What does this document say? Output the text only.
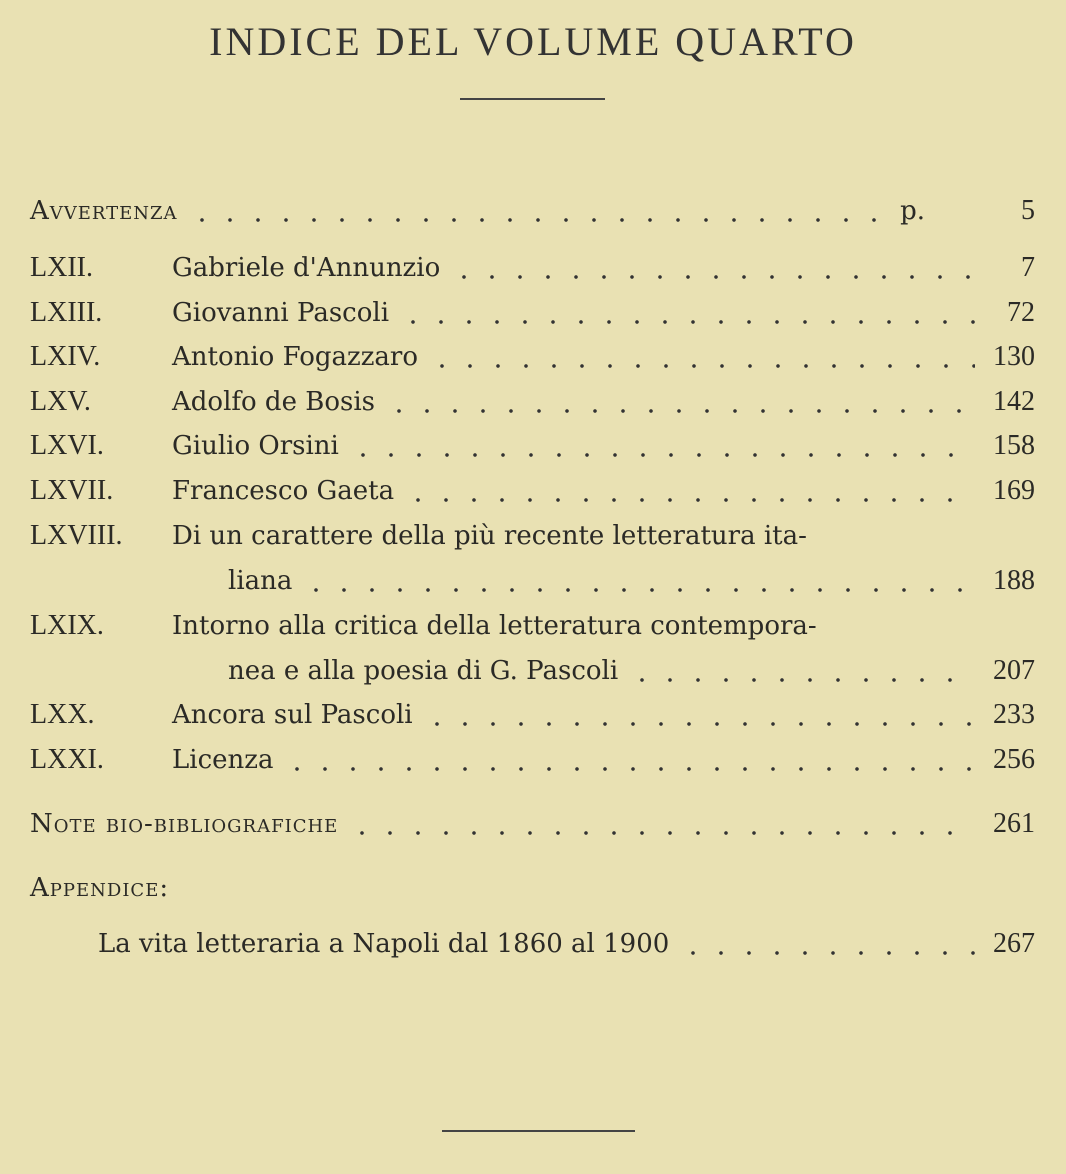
INDICE DEL VOLUME QUARTO
Avvertenza	p.	5
LXII.	Gabriele d'Annunzio	7
LXIII.	Giovanni Pascoli	72
LXIV.	Antonio Fogazzaro	130
LXV.	Adolfo de Bosis	142
LXVI.	Giulio Orsini	158
LXVII.	Francesco Gaeta	169
LXVIII.	Di un carattere della più recente letteratura ita-
liana	188
LXIX.	Intorno alla critica della letteratura contempora-
nea e alla poesia di G. Pascoli	207
LXX.	Ancora sul Pascoli	233
LXXI.	Licenza	256
Note bio-bibliografiche	261
Appendice:
La vita letteraria a Napoli dal 1860 al 1900	267
